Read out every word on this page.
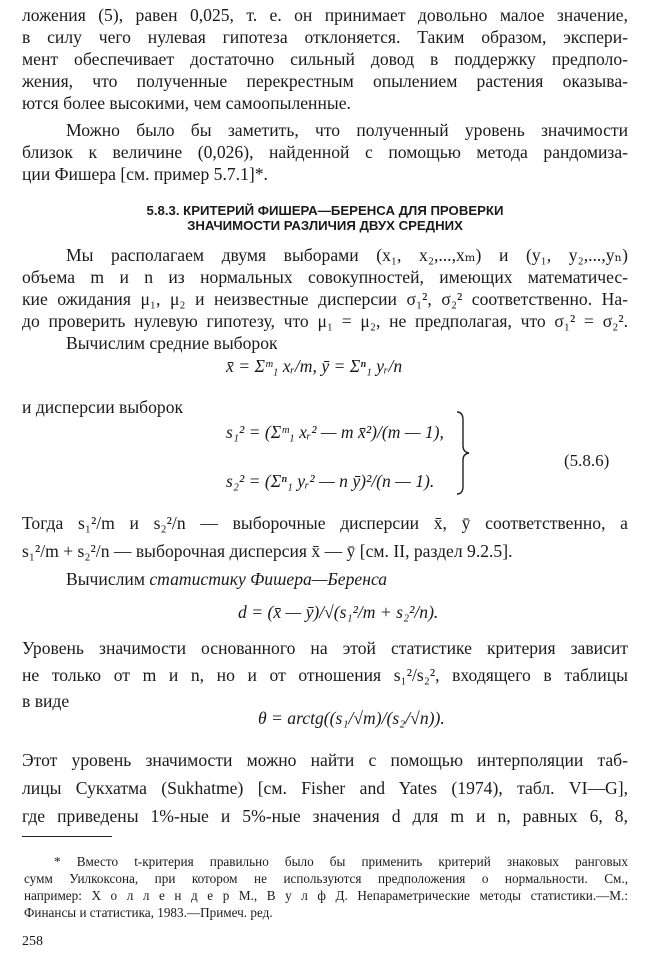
ложения (5), равен 0,025, т. е. он принимает довольно малое значение,
в силу чего нулевая гипотеза отклоняется. Таким образом, экспери-
мент обеспечивает достаточно сильный довод в поддержку предполо-
жения, что полученные перекрестным опылением растения оказыва-
ются более высокими, чем самоопыленные.
Можно было бы заметить, что полученный уровень значимости
близок к величине (0,026), найденной с помощью метода рандомиза-
ции Фишера [см. пример 5.7.1]*.
5.8.3. КРИТЕРИЙ ФИШЕРА—БЕРЕНСА ДЛЯ ПРОВЕРКИ
ЗНАЧИМОСТИ РАЗЛИЧИЯ ДВУХ СРЕДНИХ
Мы располагаем двумя выборами (x₁, x₂,...,xₘ) и (y₁, y₂,...,yₙ)
объема m и n из нормальных совокупностей, имеющих математичес-
кие ожидания μ₁, μ₂ и неизвестные дисперсии σ₁², σ₂² соответственно. На-
до проверить нулевую гипотезу, что μ₁ = μ₂, не предполагая, что σ₁² = σ₂².
Вычислим средние выборок
x̄ = Σᵐ₁ xᵣ/m, ȳ = Σⁿ₁ yᵣ/n
и дисперсии выборок
s₁² = (Σᵐ₁ xᵣ² — m x̄²)/(m — 1),
s₂² = (Σⁿ₁ yᵣ² — n ȳ)²/(n — 1).
(5.8.6)
Тогда s₁²/m и s₂²/n — выборочные дисперсии x̄, ȳ соответственно, а
s₁²/m + s₂²/n — выборочная дисперсия x̄ — ȳ [см. II, раздел 9.2.5].
Вычислим статистику Фишера—Беренса
d = (x̄ — ȳ)/√(s₁²/m + s₂²/n).
Уровень значимости основанного на этой статистике критерия зависит
не только от m и n, но и от отношения s₁²/s₂², входящего в таблицы
в виде
θ = arctg((s₁/√m)/(s₂/√n)).
Этот уровень значимости можно найти с помощью интерполяции таб-
лицы Сукхатма (Sukhatme) [см. Fisher and Yates (1974), табл. VI—G],
где приведены 1%-ные и 5%-ные значения d для m и n, равных 6, 8,
* Вместо t-критерия правильно было бы применить критерий знаковых ранговых
сумм Уилкоксона, при котором не используются предположения о нормальности. См.,
например: Х о л л е н д е р М., В у л ф Д. Непараметрические методы статистики.—М.:
Финансы и статистика, 1983.—Примеч. ред.
258
